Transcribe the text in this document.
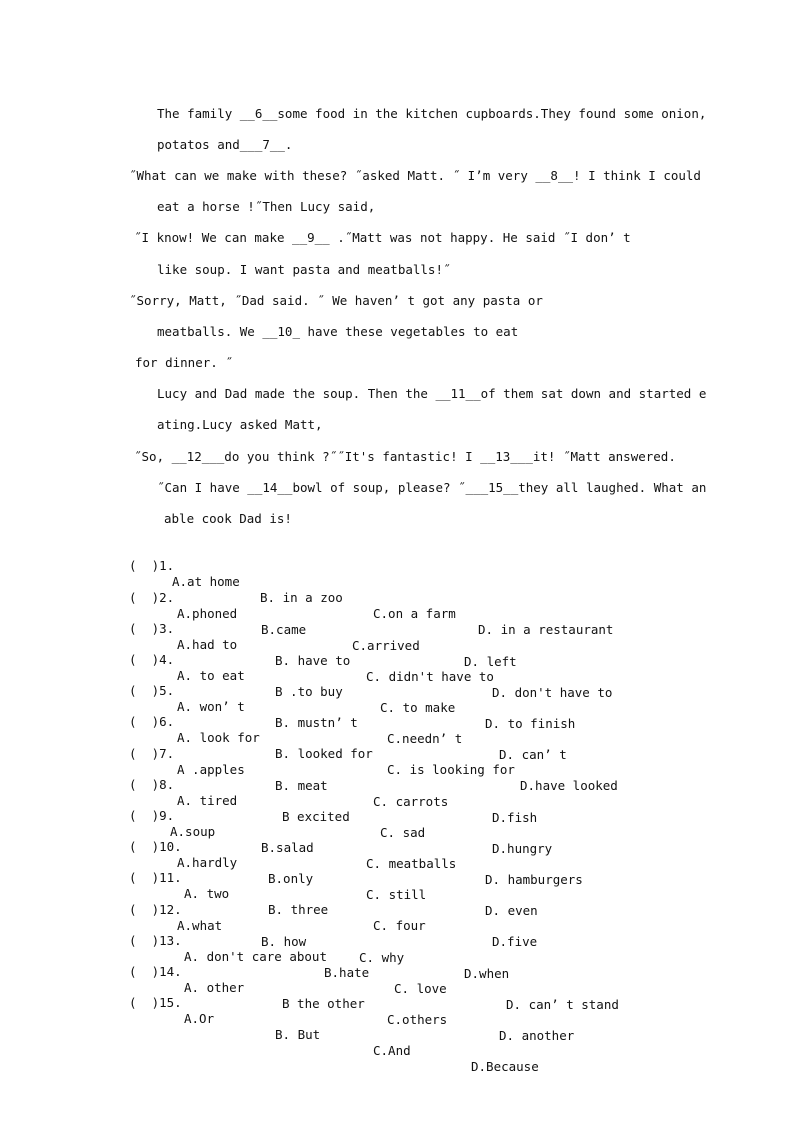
The family __6__some food in the kitchen cupboards.They found some onion,
potatos and___7__.
˝What can we make with these? ˝asked Matt. ˝ I’m very __8__! I think I could
eat a horse !˝Then Lucy said,
˝I know! We can make __9__ .˝Matt was not happy. He said ˝I don’ t
like soup. I want pasta and meatballs!˝
˝Sorry, Matt, ˝Dad said. ˝ We haven’ t got any pasta or
meatballs. We __10_ have these vegetables to eat
for dinner. ˝
Lucy and Dad made the soup. Then the __11__of them sat down and started e
ating.Lucy asked Matt,
˝So, __12___do you think ?˝˝It's fantastic! I __13___it! ˝Matt answered.
˝Can I have __14__bowl of soup, please? ˝___15__they all laughed. What an
able cook Dad is!

(  )1.

A.at home

B. in a zoo

C.on a farm

D. in a restaurant

(  )2.

A.phoned

B.came

C.arrived

D. left

(  )3.

A.had to

B. have to

C. didn't have to

D. don't have to

(  )4.

A. to eat

B .to buy

C. to make

D. to finish

(  )5.

A. won’ t

B. mustn’ t

C.needn’ t

D. can’ t

(  )6.

A. look for

B. looked for

C. is looking for

D.have looked

(  )7.

A .apples

B. meat

C. carrots

D.fish

(  )8.

A. tired

B excited

C. sad

D.hungry

(  )9.

A.soup

B.salad

C. meatballs

D. hamburgers

(  )10.

A.hardly

B.only

C. still

D. even

(  )11.

A. two

B. three

C. four

D.five

(  )12.

A.what

B. how

C. why

D.when

(  )13.

A. don't care about

B.hate

C. love

D. can’ t stand

(  )14.

A. other

B the other

C.others

D. another

(  )15.

A.Or

B. But

C.And

D.Because
